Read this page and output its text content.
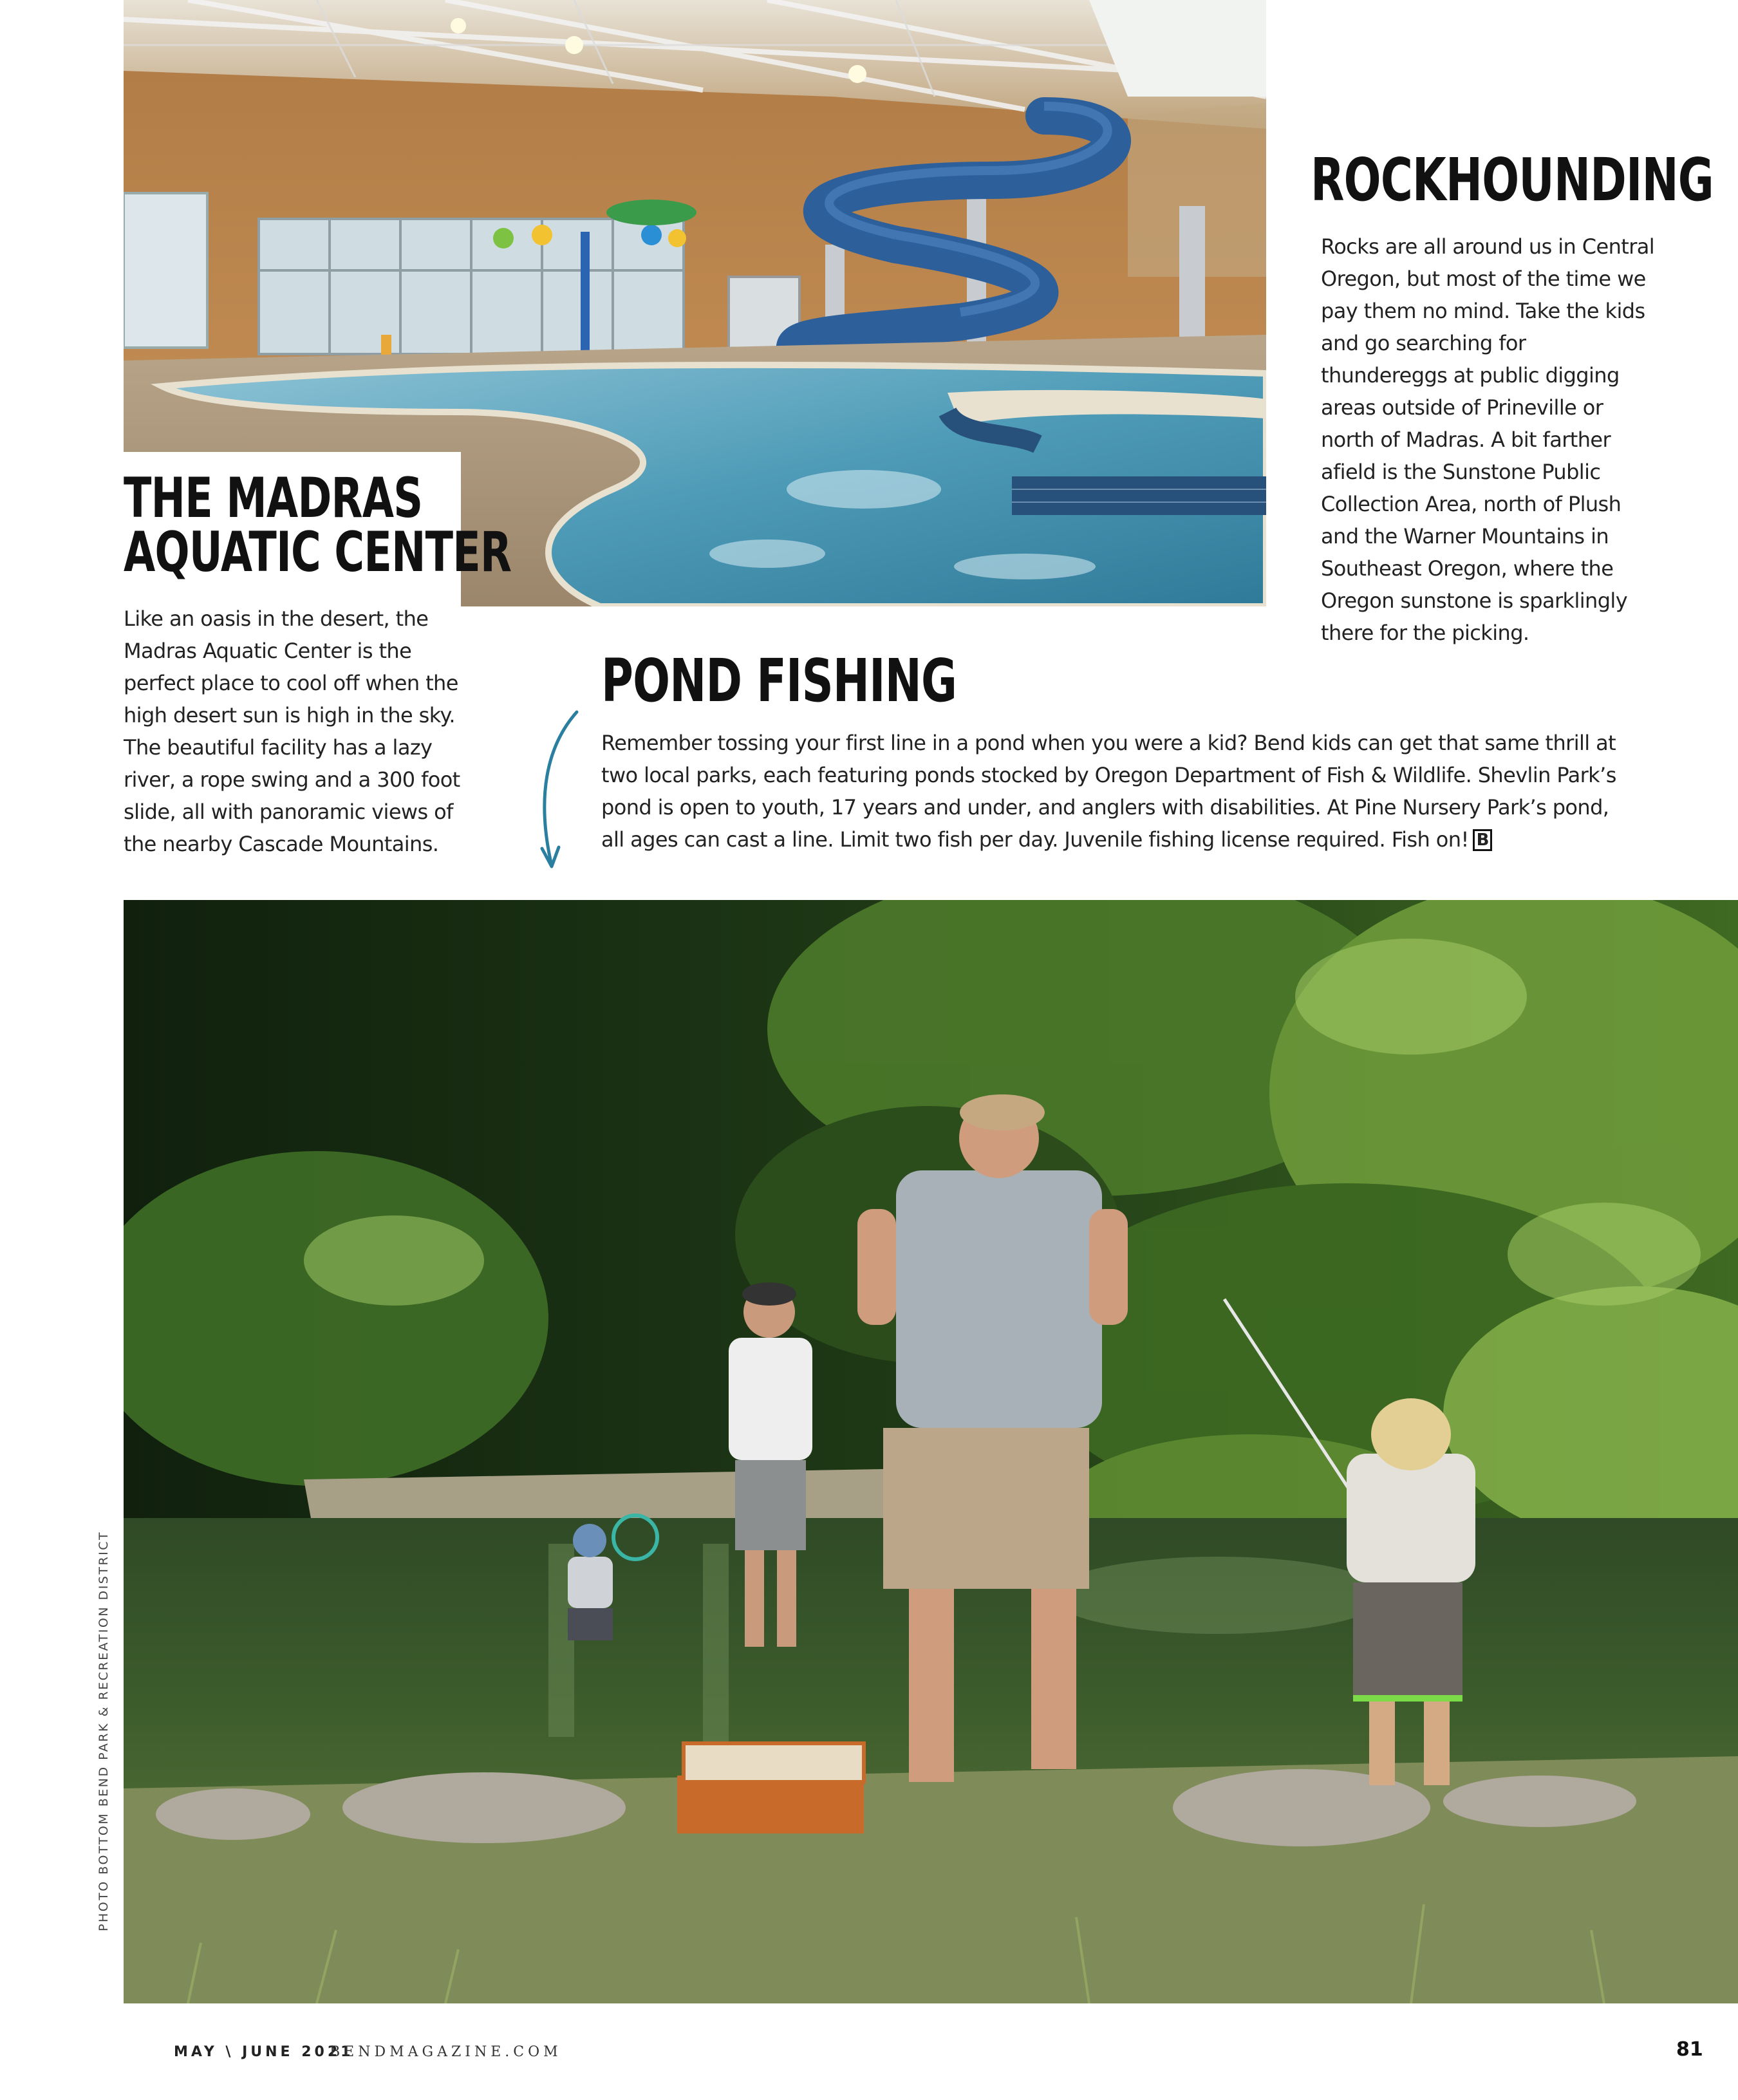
THE MADRAS
AQUATIC CENTER
Like an oasis in the desert, the Madras Aquatic Center is the perfect place to cool off when the high desert sun is high in the sky. The beautiful facility has a lazy river, a rope swing and a 300 foot slide, all with panoramic views of the nearby Cascade Mountains.
ROCKHOUNDING
Rocks are all around us in Central Oregon, but most of the time we pay them no mind. Take the kids and go searching for thundereggs at public digging areas outside of Prineville or north of Madras. A bit farther afield is the Sunstone Public Collection Area, north of Plush and the Warner Mountains in Southeast Oregon, where the Oregon sunstone is sparklingly there for the picking.
POND FISHING
Remember tossing your first line in a pond when you were a kid? Bend kids can get that same thrill at two local parks, each featuring ponds stocked by Oregon Department of Fish & Wildlife. Shevlin Park’s pond is open to youth, 17 years and under, and anglers with disabilities. At Pine Nursery Park’s pond, all ages can cast a line. Limit two fish per day. Juvenile fishing license required. Fish on! B
PHOTO BOTTOM BEND PARK & RECREATION DISTRICT
MAY \ JUNE 2021
BENDMAGAZINE.COM	81
